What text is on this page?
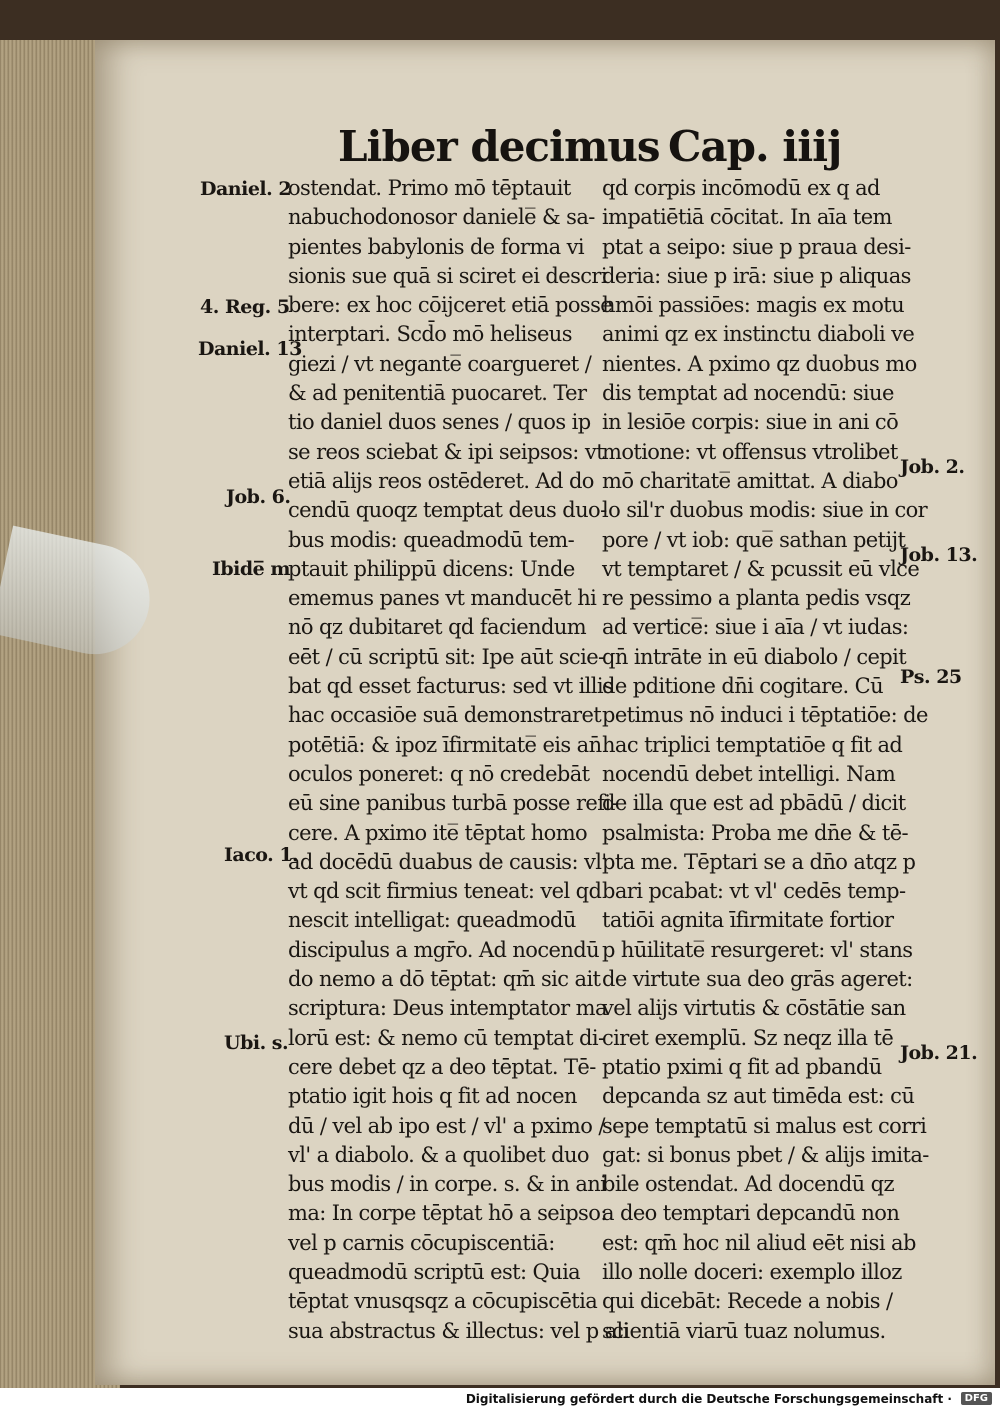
Liber decimus Cap. iiij
ostendat. Primo mō tēptauit
nabuchodonosor daniele̅ & sa-
pientes babylonis de forma vi
sionis sue quā si sciret ei descri
bere: ex hoc cōijceret etiā posse
interptari. Scd̄o mō heliseus
giezi / vt negante̅ coargueret /
& ad penitentiā puocaret. Ter
tio daniel duos senes / quos ip
se reos sciebat & ipi seipsos: vt
etiā alijs reos ostēderet. Ad do
cendū quoqz temptat deus duo-
bus modis: queadmodū tem-
ptauit philippū dicens: Unde
ememus panes vt manducēt hi
nō qz dubitaret qd faciendum
eēt / cū scriptū sit: Ipe aūt scie-
bat qd esset facturus: sed vt illis
hac occasiōe suā demonstraret
potētiā: & ipoz īfirmitate̅ eis an̄
oculos poneret: q nō credebāt
eū sine panibus turbā posse refi-
cere. A pximo ite̅ tēptat homo
ad docēdū duabus de causis: vl'
vt qd scit firmius teneat: vel qd
nescit intelligat: queadmodū
discipulus a mgr̄o. Ad nocendū
do nemo a dō tēptat: qm̄ sic ait
scriptura: Deus intemptator ma
lorū est: & nemo cū temptat di-
cere debet qz a deo tēptat. Tē-
ptatio igit hois q fit ad nocen
dū / vel ab ipo est / vl' a pximo /
vl' a diabolo. & a quolibet duo
bus modis / in corpe. s. & in ani
ma: In corpe tēptat hō a seipso:
vel p carnis cōcupiscentiā:
queadmodū scriptū est: Quia
tēptat vnusqsqz a cōcupiscētia
sua abstractus & illectus: vel p ali
qd corpis incōmodū ex q ad
impatiētiā cōcitat. In aīa tem
ptat a seipo: siue p praua desi-
deria: siue p irā: siue p aliquas
hmōi passiōes: magis ex motu
animi qz ex instinctu diaboli ve
nientes. A pximo qz duobus mo
dis temptat ad nocendū: siue
in lesiōe corpis: siue in ani cō
motione: vt offensus vtrolibet
mō charitate̅ amittat. A diabo
lo sil'r duobus modis: siue in cor
pore / vt iob: que̅ sathan petijt
vt temptaret / & pcussit eū vlce
re pessimo a planta pedis vsqz
ad vertice̅: siue i aīa / vt iudas:
qn̄ intrāte in eū diabolo / cepit
de pditione dn̄i cogitare. Cū
petimus nō induci i tēptatiōe: de
hac triplici temptatiōe q fit ad
nocendū debet intelligi. Nam
de illa que est ad pbādū / dicit
psalmista: Proba me dn̄e & tē-
pta me. Tēptari se a dn̄o atqz p
bari pcabat: vt vl' cedēs temp-
tatiōi agnita īfirmitate fortior
p hūilitate̅ resurgeret: vl' stans
de virtute sua deo grās ageret:
vel alijs virtutis & cōstātie san
ciret exemplū. Sz neqz illa tē
ptatio pximi q fit ad pbandū
depcanda sz aut timēda est: cū
sepe temptatū si malus est corri
gat: si bonus pbet / & alijs imita-
bile ostendat. Ad docendū qz
a deo temptari depcandū non
est: qm̄ hoc nil aliud eēt nisi ab
illo nolle doceri: exemplo illoz
qui dicebāt: Recede a nobis /
scientiā viarū tuaz nolumus.
Daniel. 2
4. Reg. 5
Daniel. 13
Job. 6.
Ibide̅ m
Iaco. 1.
Ubi. s.
Job. 2.
Job. 13.
Ps. 25
Job. 21.
Digitalisierung gefördert durch die Deutsche Forschungsgemeinschaft ·	DFG
